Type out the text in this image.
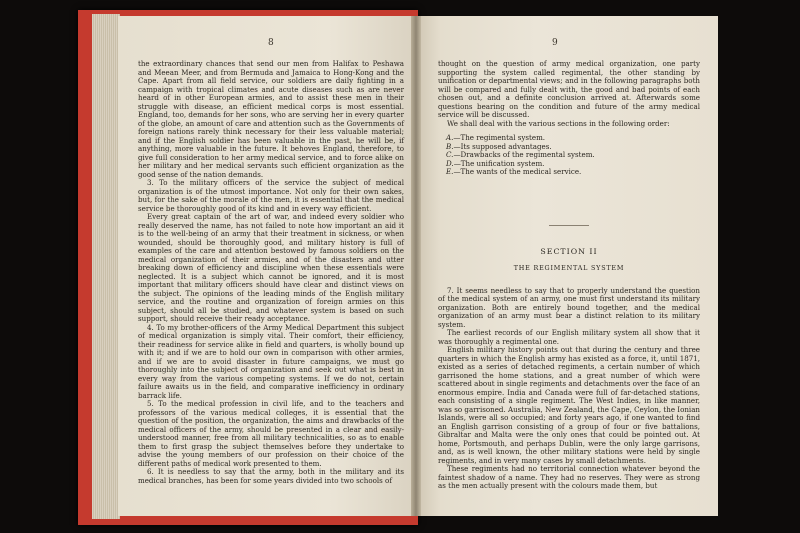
8

the extraordinary chances that send our men from Halifax to Peshawa and Meean Meer, and from Bermuda and Jamaica to Hong-Kong and the Cape. Apart from all field service, our soldiers are daily fighting in a campaign with tropical climates and acute diseases such as are never heard of in other European armies, and to assist these men in their struggle with disease, an efficient medical corps is most essential. England, too, demands for her sons, who are serving her in every quarter of the globe, an amount of care and attention such as the Governments of foreign nations rarely think necessary for their less valuable material; and if the English soldier has been valuable in the past, he will be, if anything, more valuable in the future. It behoves England, therefore, to give full consideration to her army medical service, and to force alike on her military and her medical servants such efficient organization as the good sense of the nation demands.

3. To the military officers of the service the subject of medical organization is of the utmost importance. Not only for their own sakes, but, for the sake of the morale of the men, it is essential that the medical service be thoroughly good of its kind and in every way efficient.

Every great captain of the art of war, and indeed every soldier who really deserved the name, has not failed to note how important an aid it is to the well-being of an army that their treatment in sickness, or when wounded, should be thoroughly good, and military history is full of examples of the care and attention bestowed by famous soldiers on the medical organization of their armies, and of the disasters and utter breaking down of efficiency and discipline when these essentials were neglected. It is a subject which cannot be ignored, and it is most important that military officers should have clear and distinct views on the subject. The opinions of the leading minds of the English military service, and the routine and organization of foreign armies on this subject, should all be studied, and whatever system is based on such support, should receive their ready acceptance.

4. To my brother-officers of the Army Medical Department this subject of medical organization is simply vital. Their comfort, their efficiency, their readiness for service alike in field and quarters, is wholly bound up with it; and if we are to hold our own in comparison with other armies, and if we are to avoid disaster in future campaigns, we must go thoroughly into the subject of organization and seek out what is best in every way from the various competing systems. If we do not, certain failure awaits us in the field, and comparative inefficiency in ordinary barrack life.

5. To the medical profession in civil life, and to the teachers and professors of the various medical colleges, it is essential that the question of the position, the organization, the aims and drawbacks of the medical officers of the army, should be presented in a clear and easily-understood manner, free from all military technicalities, so as to enable them to first grasp the subject themselves before they undertake to advise the young members of our profession on their choice of the different paths of medical work presented to them.

6. It is needless to say that the army, both in the military and its medical branches, has been for some years divided into two schools of

9

thought on the question of army medical organization, one party supporting the system called regimental, the other standing by unification or departmental views; and in the following paragraphs both will be compared and fully dealt with, the good and bad points of each chosen out, and a definite conclusion arrived at. Afterwards some questions bearing on the condition and future of the army medical service will be discussed.

We shall deal with the various sections in the following order:

A.—The regimental system.
B.—Its supposed advantages.
C.—Drawbacks of the regimental system.
D.—The unification system.
E.—The wants of the medical service.
SECTION II
THE REGIMENTAL SYSTEM

7. It seems needless to say that to properly understand the question of the medical system of an army, one must first understand its military organization. Both are entirely bound together, and the medical organization of an army must bear a distinct relation to its military system.

The earliest records of our English military system all show that it was thoroughly a regimental one.

English military history points out that during the century and three quarters in which the English army has existed as a force, it, until 1871, existed as a series of detached regiments, a certain number of which garrisoned the home stations, and a great number of which were scattered about in single regiments and detachments over the face of an enormous empire. India and Canada were full of far-detached stations, each consisting of a single regiment. The West Indies, in like manner, was so garrisoned. Australia, New Zealand, the Cape, Ceylon, the Ionian Islands, were all so occupied; and forty years ago, if one wanted to find an English garrison consisting of a group of four or five battalions, Gibraltar and Malta were the only ones that could be pointed out. At home, Portsmouth, and perhaps Dublin, were the only large garrisons, and, as is well known, the other military stations were held by single regiments, and in very many cases by small detachments.

These regiments had no territorial connection whatever beyond the faintest shadow of a name. They had no reserves. They were as strong as the men actually present with the colours made them, but
